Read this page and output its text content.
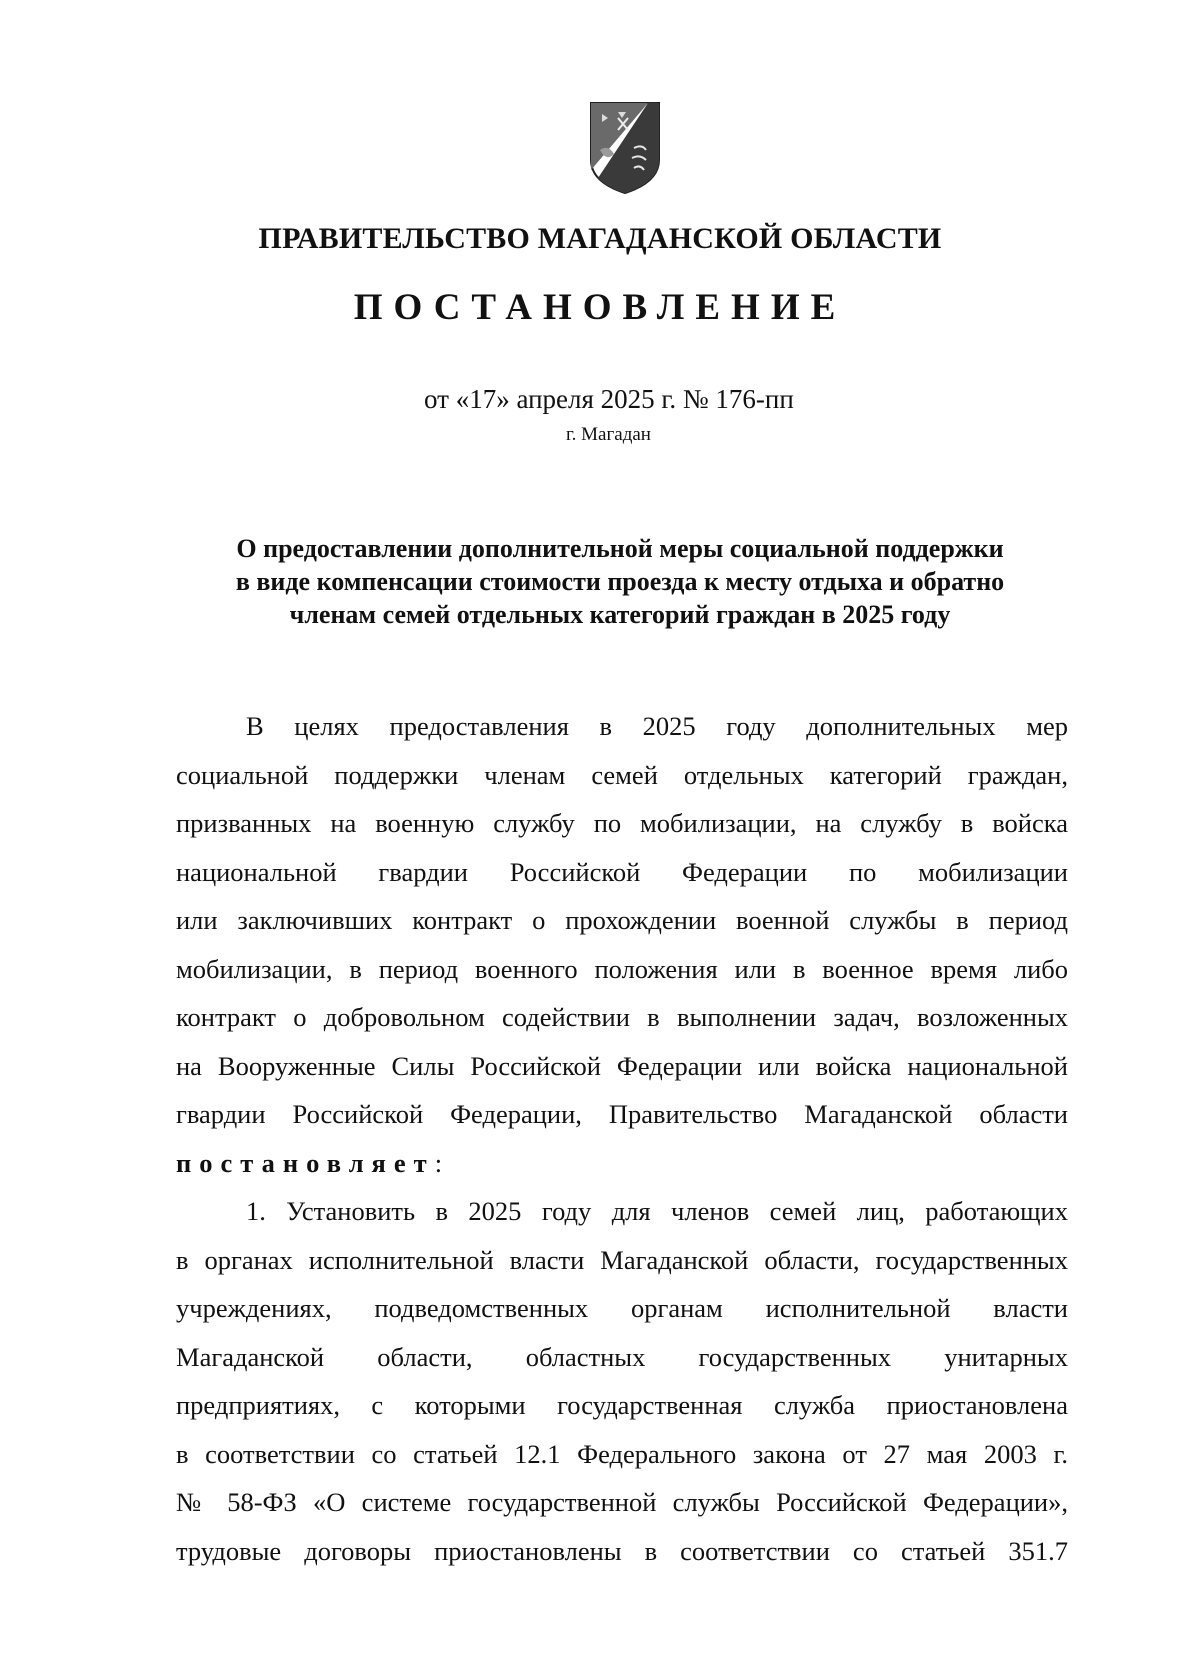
ПРАВИТЕЛЬСТВО МАГАДАНСКОЙ ОБЛАСТИ
ПОСТАНОВЛЕНИЕ
от «17» апреля 2025 г. № 176-пп
г. Магадан
О предоставлении дополнительной меры социальной поддержки
в виде компенсации стоимости проезда к месту отдыха и обратно
членам семей отдельных категорий граждан в 2025 году
В целях предоставления в 2025 году дополнительных мер
социальной поддержки членам семей отдельных категорий граждан,
призванных на военную службу по мобилизации, на службу в войска
национальной гвардии Российской Федерации по мобилизации
или заключивших контракт о прохождении военной службы в период
мобилизации, в период военного положения или в военное время либо
контракт о добровольном содействии в выполнении задач, возложенных
на Вооруженные Силы Российской Федерации или войска национальной
гвардии Российской Федерации, Правительство Магаданской области
постановляет:
1. Установить в 2025 году для членов семей лиц, работающих
в органах исполнительной власти Магаданской области, государственных
учреждениях, подведомственных органам исполнительной власти
Магаданской области, областных государственных унитарных
предприятиях, с которыми государственная служба приостановлена
в соответствии со статьей 12.1 Федерального закона от 27 мая 2003 г.
№ 58-ФЗ «О системе государственной службы Российской Федерации»,
трудовые договоры приостановлены в соответствии со статьей 351.7
